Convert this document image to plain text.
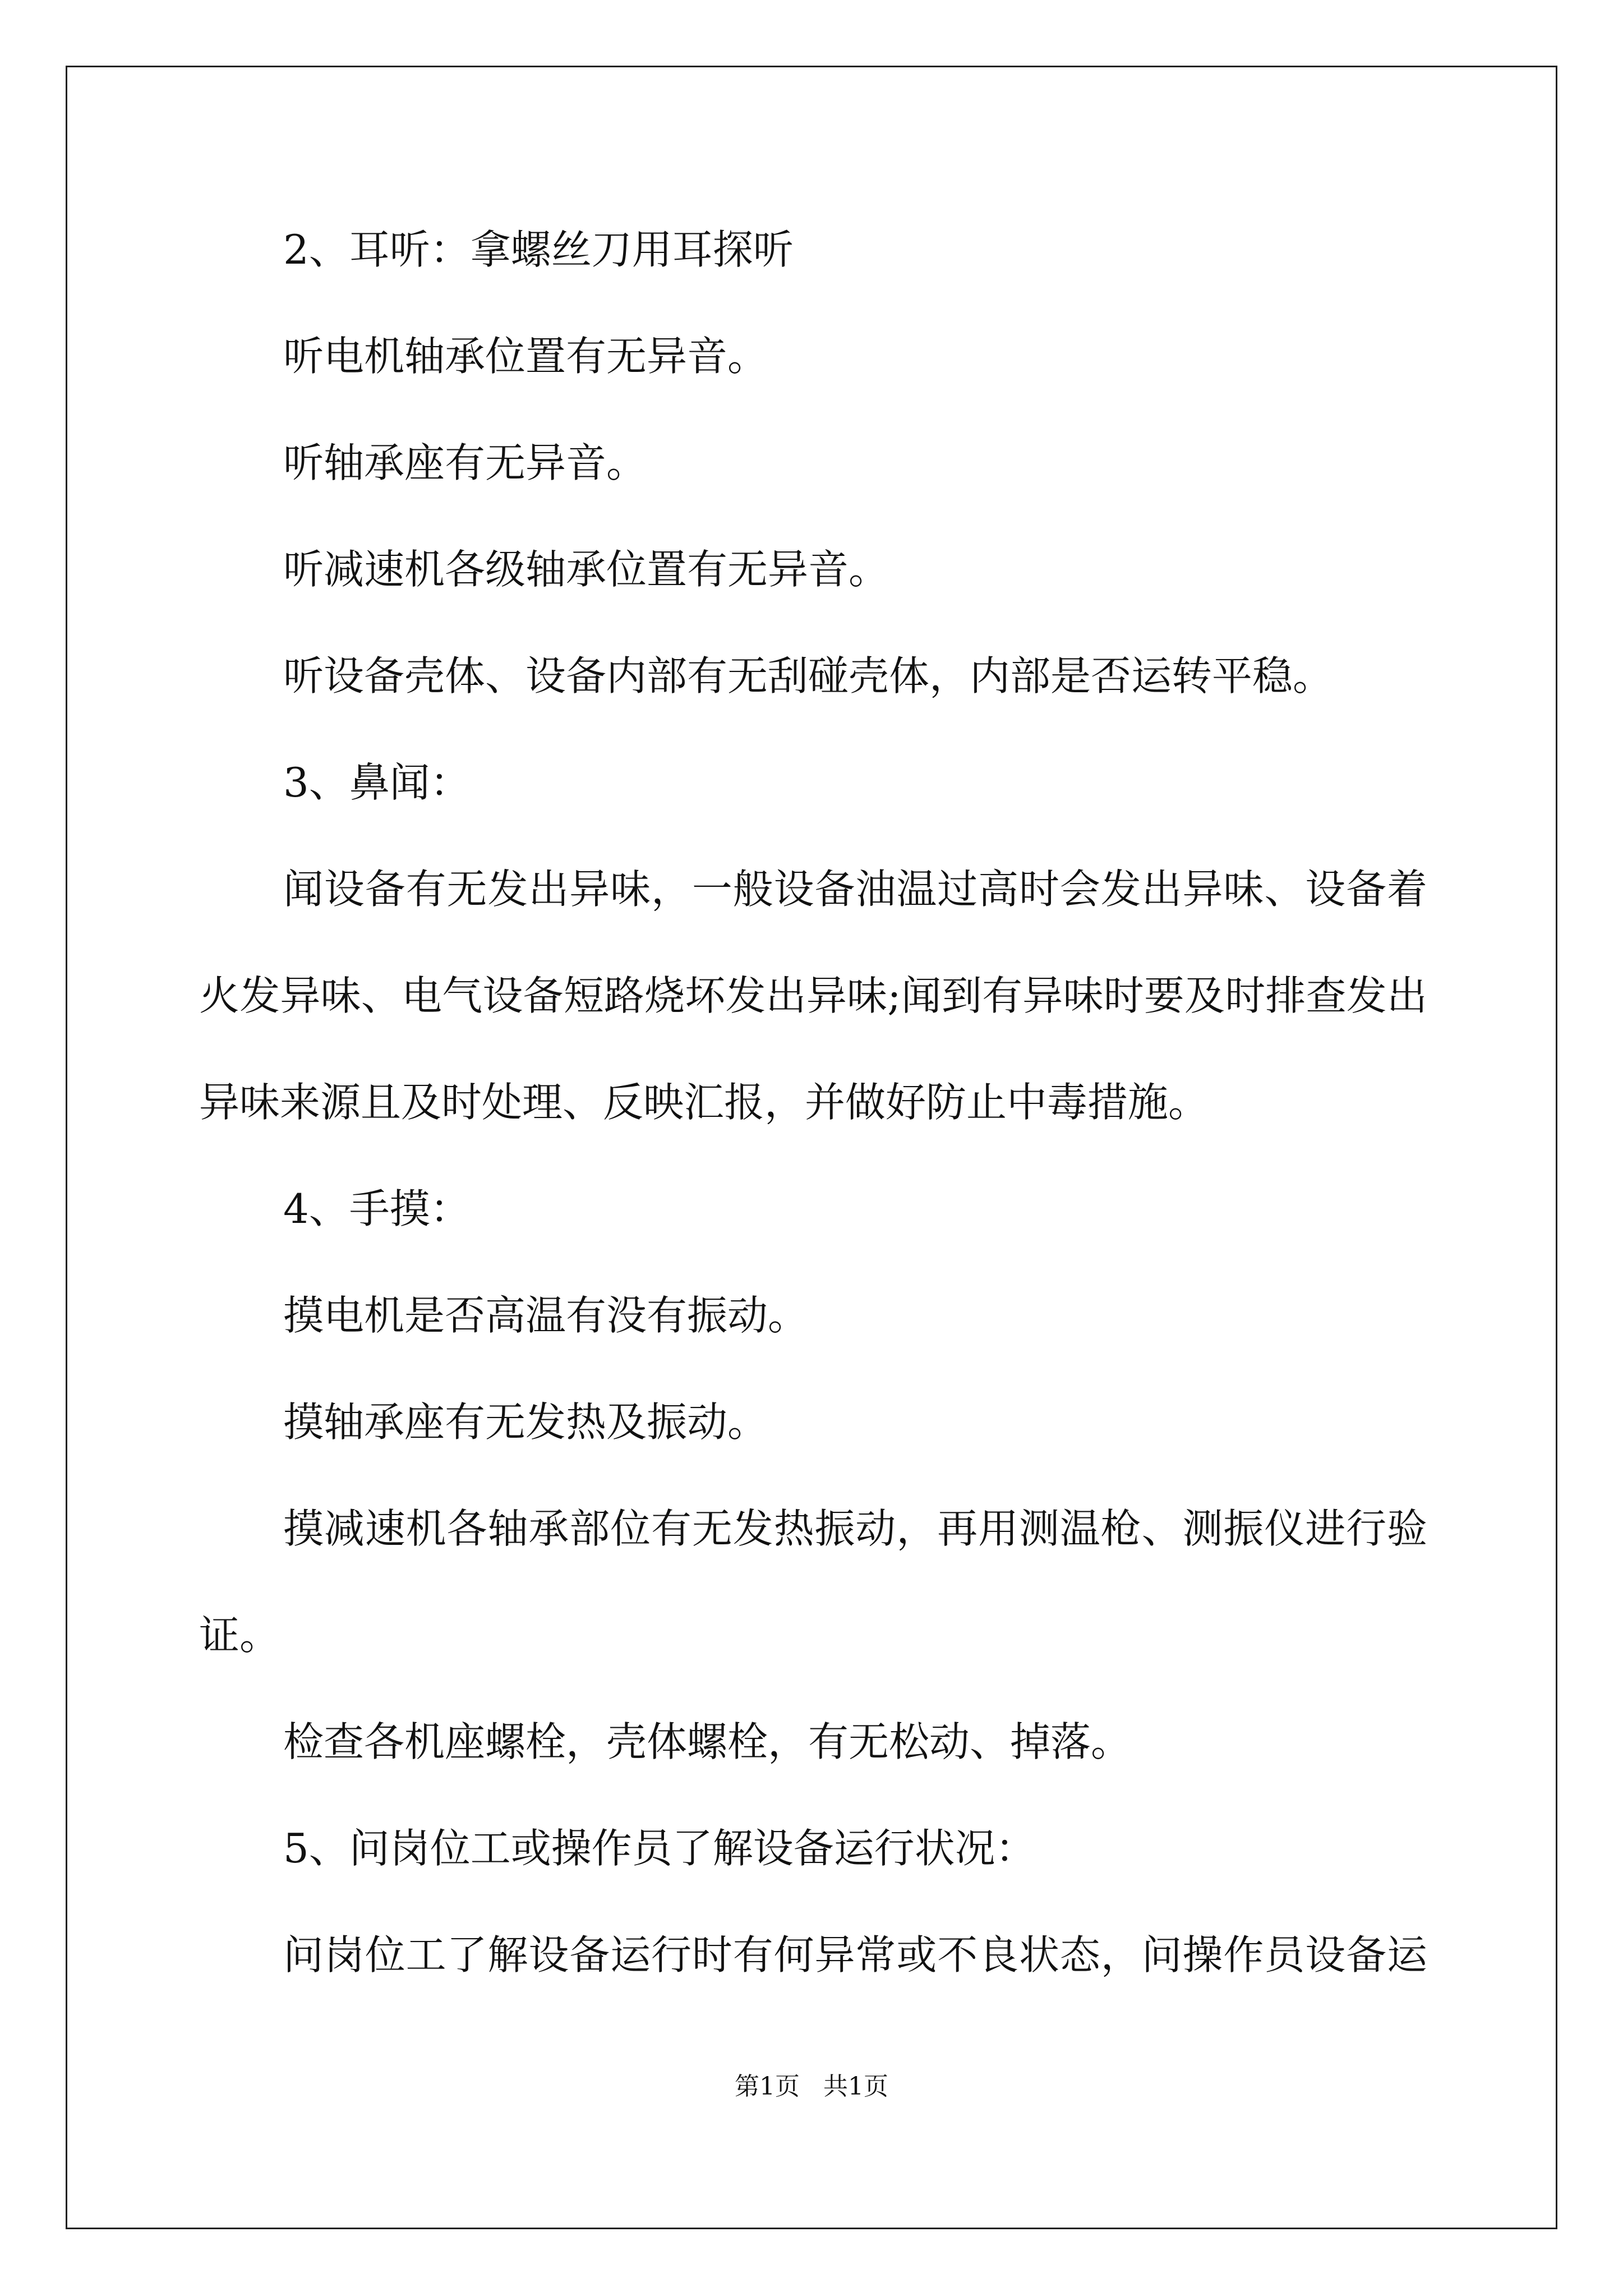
2、耳听：拿螺丝刀用耳探听
听电机轴承位置有无异音。
听轴承座有无异音。
听减速机各级轴承位置有无异音。
听设备壳体、设备内部有无刮碰壳体，内部是否运转平稳。
3、鼻闻：
闻设备有无发出异味，一般设备油温过高时会发出异味、设备着
火发异味、电气设备短路烧坏发出异味;闻到有异味时要及时排查发出
异味来源且及时处理、反映汇报，并做好防止中毒措施。
4、手摸：
摸电机是否高温有没有振动。
摸轴承座有无发热及振动。
摸减速机各轴承部位有无发热振动，再用测温枪、测振仪进行验
证。
检查各机座螺栓，壳体螺栓，有无松动、掉落。
5、问岗位工或操作员了解设备运行状况：
问岗位工了解设备运行时有何异常或不良状态，问操作员设备运
第1页   共1页
